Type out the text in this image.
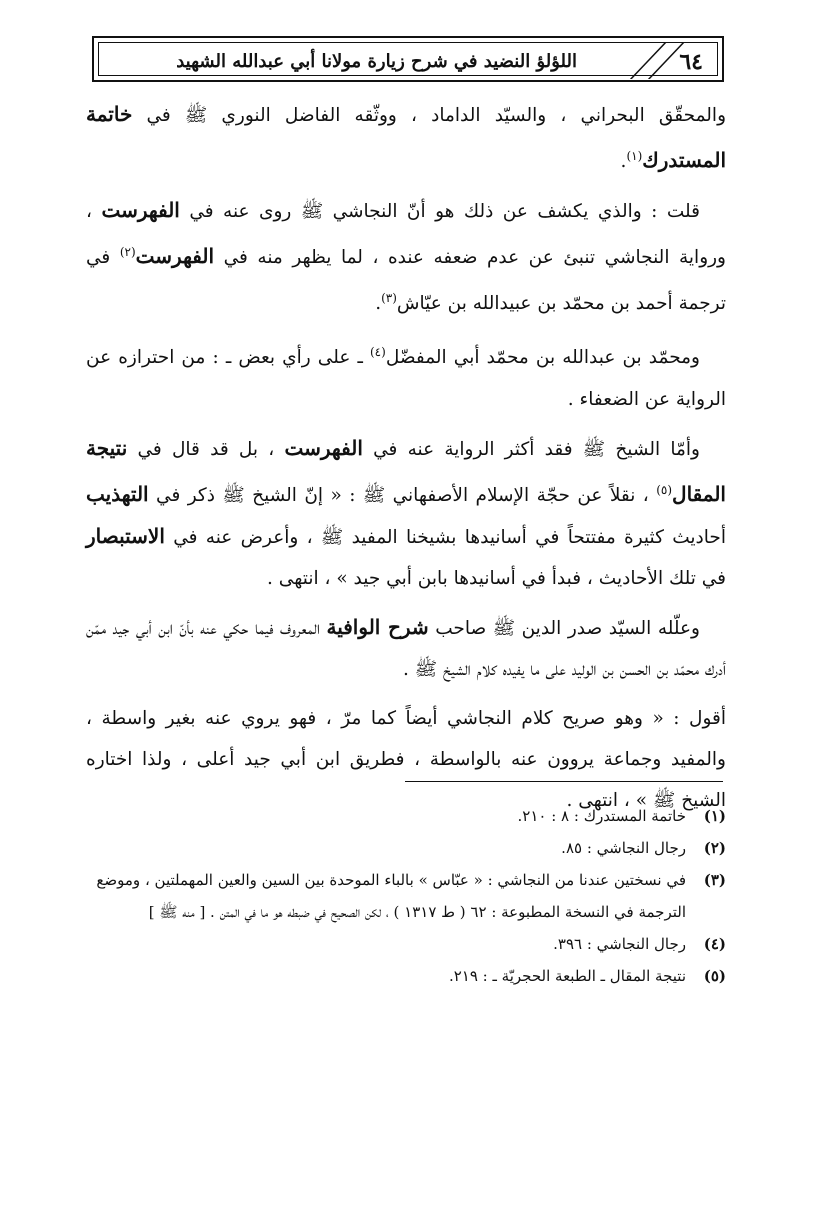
٦٤
اللؤلؤ النضيد في شرح زيارة مولانا أبي عبدالله الشهيد

والمحقّق البحراني ، والسيّد الداماد ، ووثّقه الفاضل النوري ﷺ في خاتمة المستدرك$^{(١)}$.

قلت : والذي يكشف عن ذلك هو أنّ النجاشي ﷺ روى عنه في الفهرست ، ورواية النجاشي تنبئ عن عدم ضعفه عنده ، لما يظهر منه في الفهرست$^{(٢)}$ في ترجمة أحمد بن محمّد بن عبيدالله بن عيّاش$^{(٣)}$.

ومحمّد بن عبدالله بن محمّد أبي المفضّل$^{(٤)}$ ـ على رأي بعض ـ : من احترازه عن الرواية عن الضعفاء .

وأمّا الشيخ ﷺ فقد أكثر الرواية عنه في الفهرست ، بل قد قال في نتيجة المقال$^{(٥)}$ ، نقلاً عن حجّة الإسلام الأصفهاني ﷺ : « إنّ الشيخ ﷺ ذكر في التهذيب أحاديث كثيرة مفتتحاً في أسانيدها بشيخنا المفيد ﷺ ، وأعرض عنه في الاستبصار في تلك الأحاديث ، فبدأ في أسانيدها بابن أبي جيد » ، انتهى .

وعلّله السيّد صدر الدين ﷺ صاحب شرح الوافية المعروف فيما حكي عنه بأنّ ابن أبي جيد ممّن أدرك محمّد بن الحسن بن الوليد على ما يفيده كلام الشيخ ﷺ .

أقول : « وهو صريح كلام النجاشي أيضاً كما مرّ ، فهو يروي عنه بغير واسطة ، والمفيد وجماعة يروون عنه بالواسطة ، فطريق ابن أبي جيد أعلى ، ولذا اختاره الشيخ ﷺ » ، انتهى .

(١)
خاتمة المستدرك : ٨ : ٢١٠.
(٢)
رجال النجاشي : ٨٥.
(٣)
في نسختين عندنا من النجاشي : « عبّاس » بالباء الموحدة بين السين والعين المهملتين ، وموضع الترجمة في النسخة المطبوعة : ٦٢ ( ط ١٣١٧ ) ، لكن الصحيح في ضبطه هو ما في المتن . [ منه ﷺ ]
(٤)
رجال النجاشي : ٣٩٦.
(٥)
نتيجة المقال ـ الطبعة الحجريّة ـ : ٢١٩.
